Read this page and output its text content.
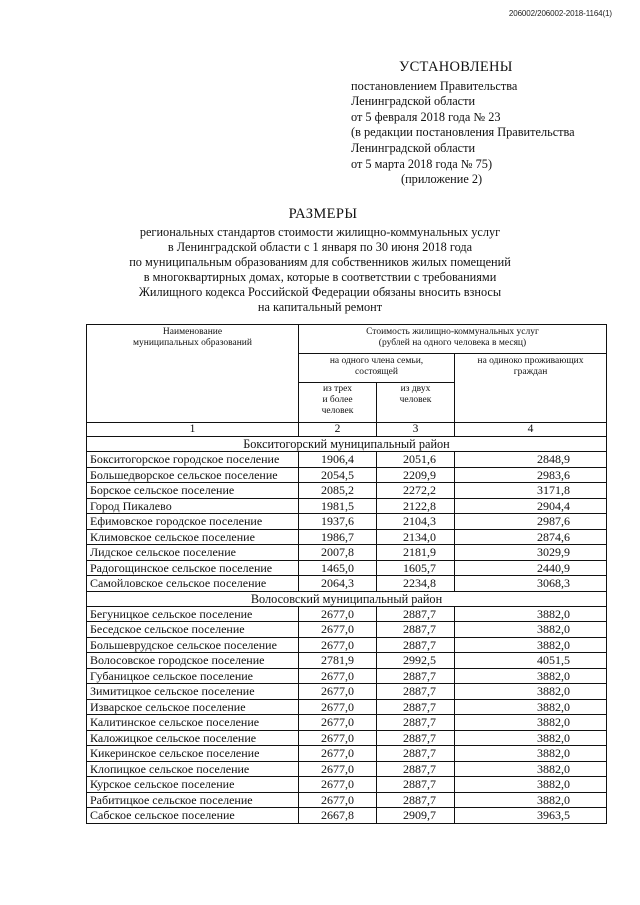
206002/206002-2018-1164(1)
УСТАНОВЛЕНЫ
постановлением Правительства
Ленинградской области
от 5 февраля 2018 года № 23
(в редакции постановления Правительства
Ленинградской области
от 5 марта 2018 года № 75)
(приложение 2)
РАЗМЕРЫ
региональных стандартов стоимости жилищно-коммунальных услуг
в Ленинградской области с 1 января по 30 июня 2018 года
по муниципальным образованиям для собственников жилых помещений
в многоквартирных домах, которые в соответствии с требованиями
Жилищного кодекса Российской Федерации обязаны вносить взносы
на капитальный ремонт
Наименование
муниципальных образований	Стоимость жилищно-коммунальных услуг
(рублей на одного человека в месяц)		
	на одного члена семьи,
состоящей		на одиноко проживающих
граждан
	из трех
и более
человек	из двух
человек	
1	2	3	4
Бокситогорский муниципальный район			
Бокситогорское городское поселение	1906,4	2051,6	2848,9
Большедворское сельское поселение	2054,5	2209,9	2983,6
Борское сельское поселение	2085,2	2272,2	3171,8
Город Пикалево	1981,5	2122,8	2904,4
Ефимовское городское поселение	1937,6	2104,3	2987,6
Климовское сельское поселение	1986,7	2134,0	2874,6
Лидское сельское поселение	2007,8	2181,9	3029,9
Радогощинское сельское поселение	1465,0	1605,7	2440,9
Самойловское сельское поселение	2064,3	2234,8	3068,3
Волосовский муниципальный район			
Бегуницкое сельское поселение	2677,0	2887,7	3882,0
Беседское сельское поселение	2677,0	2887,7	3882,0
Большеврудское сельское поселение	2677,0	2887,7	3882,0
Волосовское городское поселение	2781,9	2992,5	4051,5
Губаницкое сельское поселение	2677,0	2887,7	3882,0
Зимитицкое сельское поселение	2677,0	2887,7	3882,0
Изварское сельское поселение	2677,0	2887,7	3882,0
Калитинское сельское поселение	2677,0	2887,7	3882,0
Каложицкое сельское поселение	2677,0	2887,7	3882,0
Кикеринское сельское поселение	2677,0	2887,7	3882,0
Клопицкое сельское поселение	2677,0	2887,7	3882,0
Курское сельское поселение	2677,0	2887,7	3882,0
Рабитицкое сельское поселение	2677,0	2887,7	3882,0
Сабское сельское поселение	2667,8	2909,7	3963,5
